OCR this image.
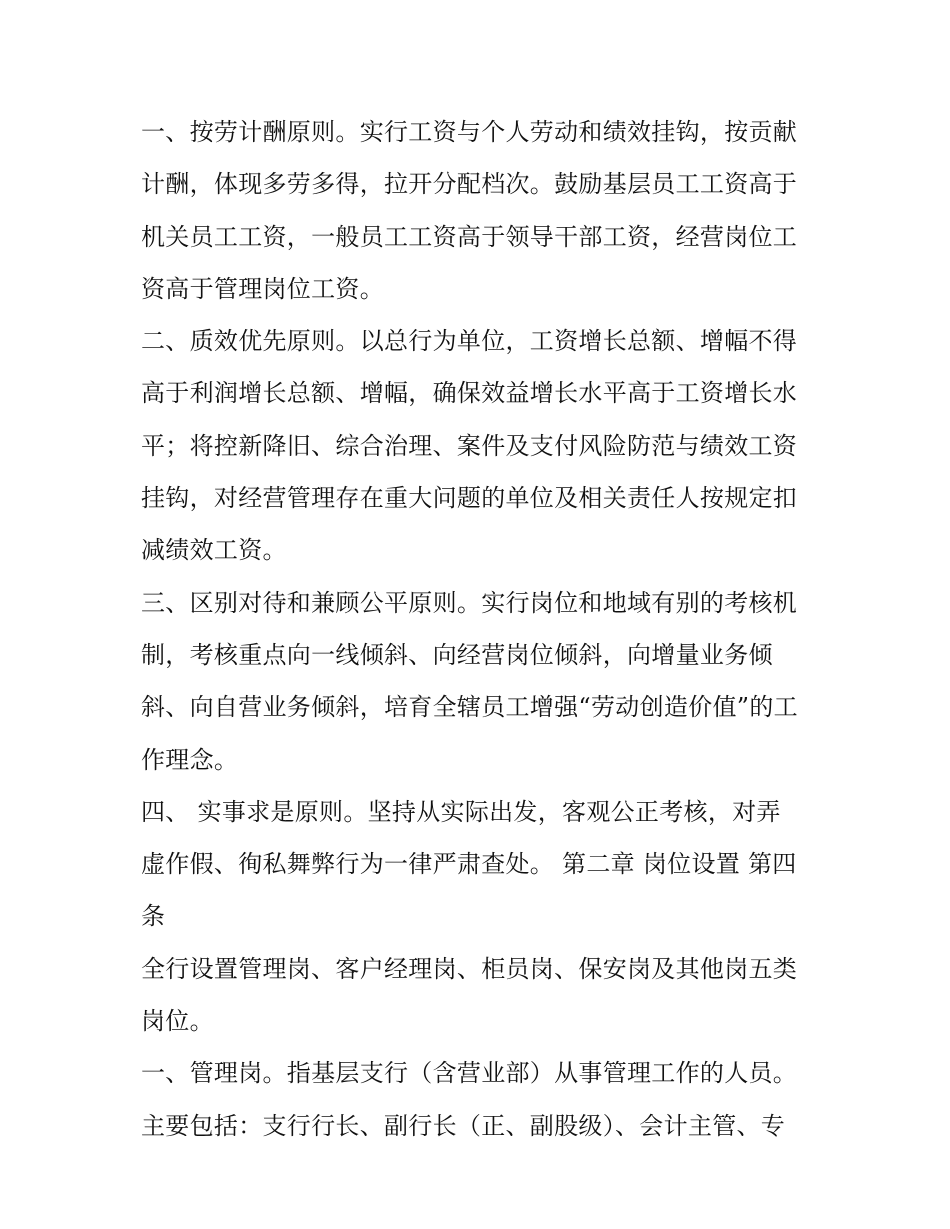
一、按劳计酬原则。实行工资与个人劳动和绩效挂钩，按贡献
计酬，体现多劳多得，拉开分配档次。鼓励基层员工工资高于
机关员工工资，一般员工工资高于领导干部工资，经营岗位工
资高于管理岗位工资。
二、质效优先原则。以总行为单位，工资增长总额、增幅不得
高于利润增长总额、增幅，确保效益增长水平高于工资增长水
平；将控新降旧、综合治理、案件及支付风险防范与绩效工资
挂钩，对经营管理存在重大问题的单位及相关责任人按规定扣
减绩效工资。
三、区别对待和兼顾公平原则。实行岗位和地域有别的考核机
制，考核重点向一线倾斜、向经营岗位倾斜，向增量业务倾
斜、向自营业务倾斜，培育全辖员工增强“劳动创造价值”的工
作理念。
四、 实事求是原则。坚持从实际出发，客观公正考核，对弄
虚作假、徇私舞弊行为一律严肃查处。 第二章 岗位设置 第四
条
全行设置管理岗、客户经理岗、柜员岗、保安岗及其他岗五类
岗位。
一、管理岗。指基层支行（含营业部）从事管理工作的人员。
主要包括：支行行长、副行长（正、副股级）、会计主管、专
